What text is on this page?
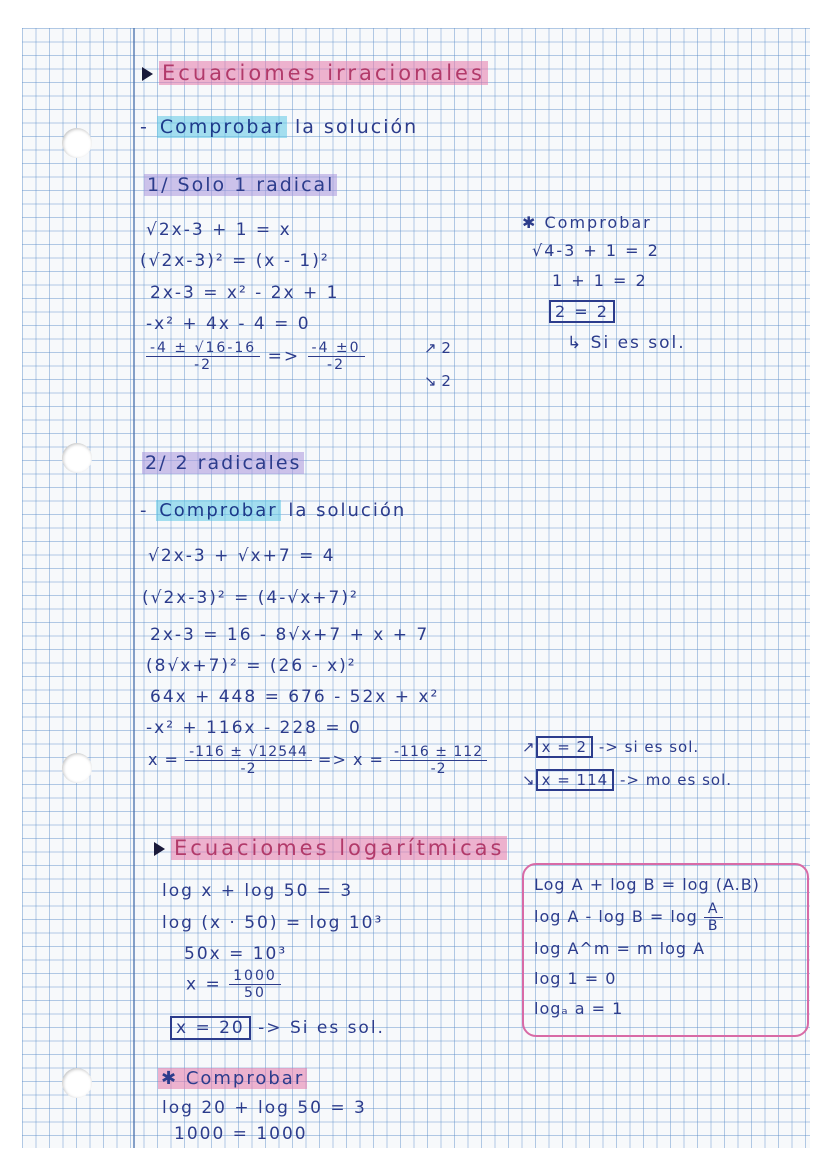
Ecuaciomes irracionales
- Comprobar la solución
1/ Solo 1 radical
√2x-3 + 1 = x
(√2x-3)² = (x - 1)²
2x-3 = x² - 2x + 1
-x² + 4x - 4 = 0
$\frac{-4 \pm √16-16}{-2} => \frac{-4 \pm 0}{-2}$	↗ 2
↘ 2
✱ Comprobar
√4-3 + 1 = 2
1 + 1 = 2
2 = 2
↳ Si es sol.
2/ 2 radicales
- Comprobar la solución
√2x-3 + √x+7 = 4
(√2x-3)² = (4-√x+7)²
2x-3 = 16 - 8√x+7 + x + 7
(8√x+7)² = (26 - x)²
64x + 448 = 676 - 52x + x²
-x² + 116x - 228 = 0
$x = \frac{-116 \pm √12544}{-2} => x = \frac{-116 \pm 112}{-2}$ ↗ x = 2 -> si es sol.
↘ x = 114 -> mo es sol.
Ecuaciomes logarítmicas
log x + log 50 = 3
log (x · 50) = log 10³
50x = 10³
$x = \frac{1000}{50}$
x = 20 -> Si es sol.
✱ Comprobar
log 20 + log 50 = 3
1000 = 1000
Log A + log B = log (A.B)
$\log A - \log B = \log \frac{A}{B}$
log A^m = m log A
log 1 = 0
logₐ a = 1
